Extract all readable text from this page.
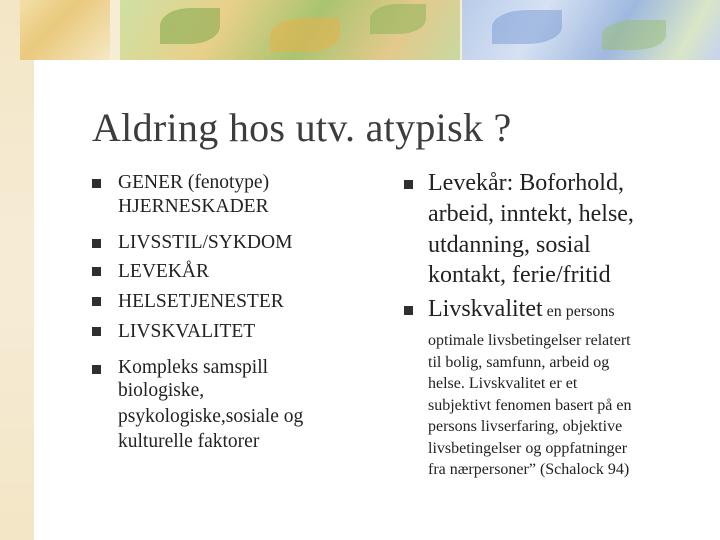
Aldring hos utv. atypisk ?
GENER (fenotype)
HJERNESKADER
LIVSSTIL/SYKDOM
LEVEKÅR
HELSETJENESTER
LIVSKVALITET
Kompleks samspill
biologiske,
psykologiske,sosiale og
kulturelle faktorer
Levekår: Boforhold,
arbeid, inntekt, helse,
utdanning, sosial
kontakt, ferie/fritid
Livskvalitet en persons
optimale livsbetingelser relatert
til bolig, samfunn, arbeid og
helse. Livskvalitet er et
subjektivt fenomen basert på en
persons livserfaring, objektive
livsbetingelser og oppfatninger
fra nærpersoner” (Schalock 94)
